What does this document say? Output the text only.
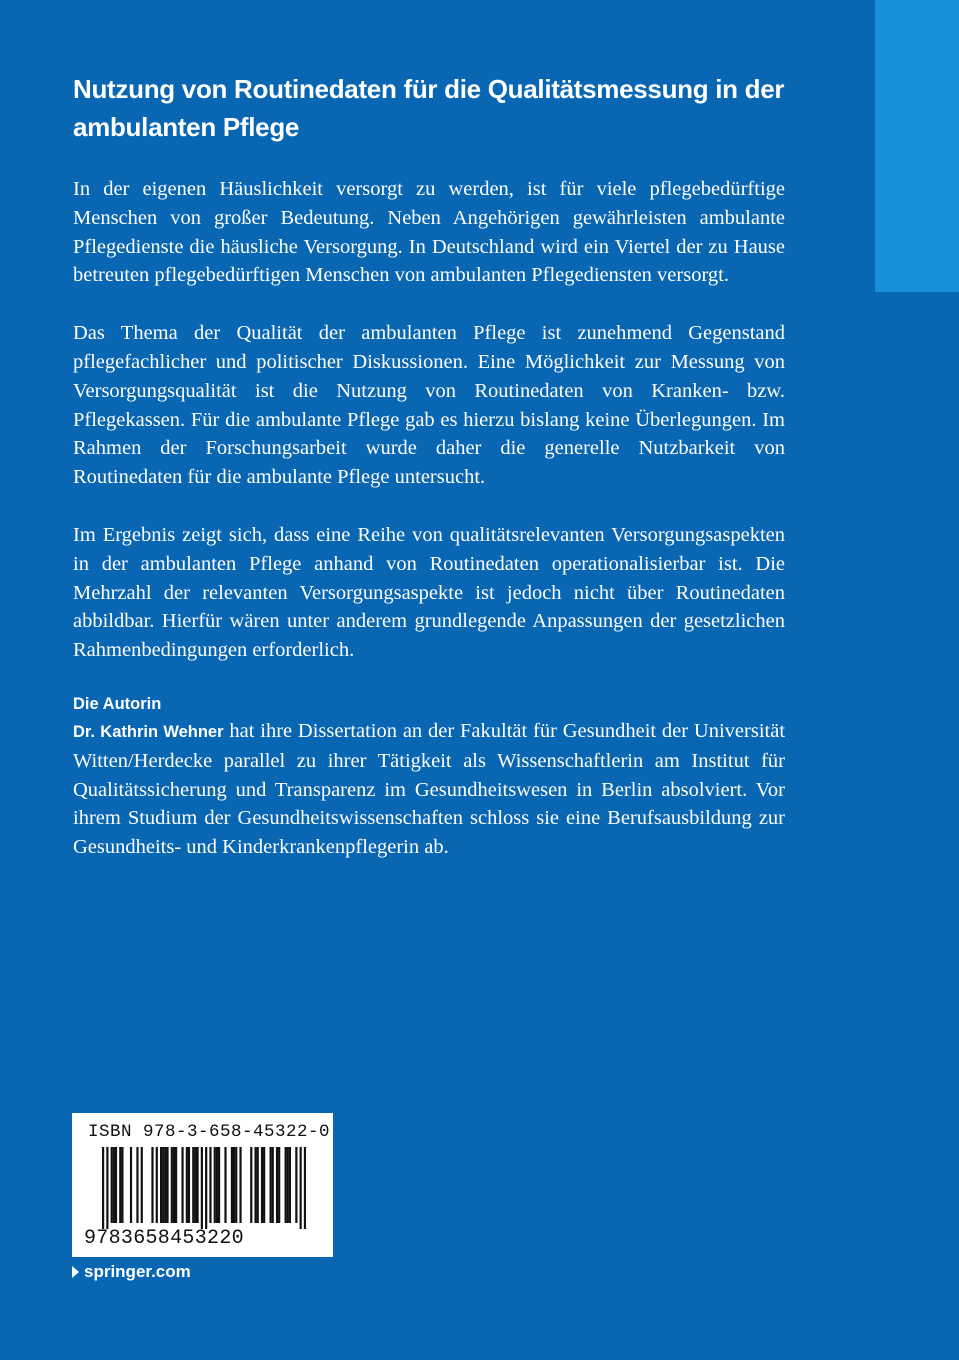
Nutzung von Routinedaten für die Qualitätsmessung in der
ambulanten Pflege

In der eigenen Häuslichkeit versorgt zu werden, ist für viele pflegebedürftige Menschen von großer Bedeutung. Neben Angehörigen gewährleisten ambulante Pflegedienste die häusliche Versorgung. In Deutschland wird ein Viertel der zu Hause betreuten pflegebedürftigen Menschen von ambulanten Pflegediensten versorgt.

Das Thema der Qualität der ambulanten Pflege ist zunehmend Gegenstand pflegefachlicher und politischer Diskussionen. Eine Möglichkeit zur Messung von Versorgungsqualität ist die Nutzung von Routinedaten von Kranken- bzw. Pflegekassen. Für die ambulante Pflege gab es hierzu bislang keine Überlegungen. Im Rahmen der Forschungsarbeit wurde daher die generelle Nutzbarkeit von Routinedaten für die ambulante Pflege untersucht.

Im Ergebnis zeigt sich, dass eine Reihe von qualitätsrelevanten Versorgungsaspekten in der ambulanten Pflege anhand von Routinedaten operationalisierbar ist. Die Mehrzahl der relevanten Versorgungsaspekte ist jedoch nicht über Routinedaten abbildbar. Hierfür wären unter anderem grundlegende Anpassungen der gesetzlichen Rahmenbedingungen erforderlich.

Die Autorin

Dr. Kathrin Wehner hat ihre Dissertation an der Fakultät für Gesundheit der Universität Witten/Herdecke parallel zu ihrer Tätigkeit als Wissenschaftlerin am Institut für Qualitätssicherung und Transparenz im Gesundheitswesen in Berlin absolviert. Vor ihrem Studium der Gesundheitswissenschaften schloss sie eine Berufsausbildung zur Gesundheits- und Kinderkrankenpflegerin ab.

ISBN 978-3-658-45322-0
9783658453220
springer.com
